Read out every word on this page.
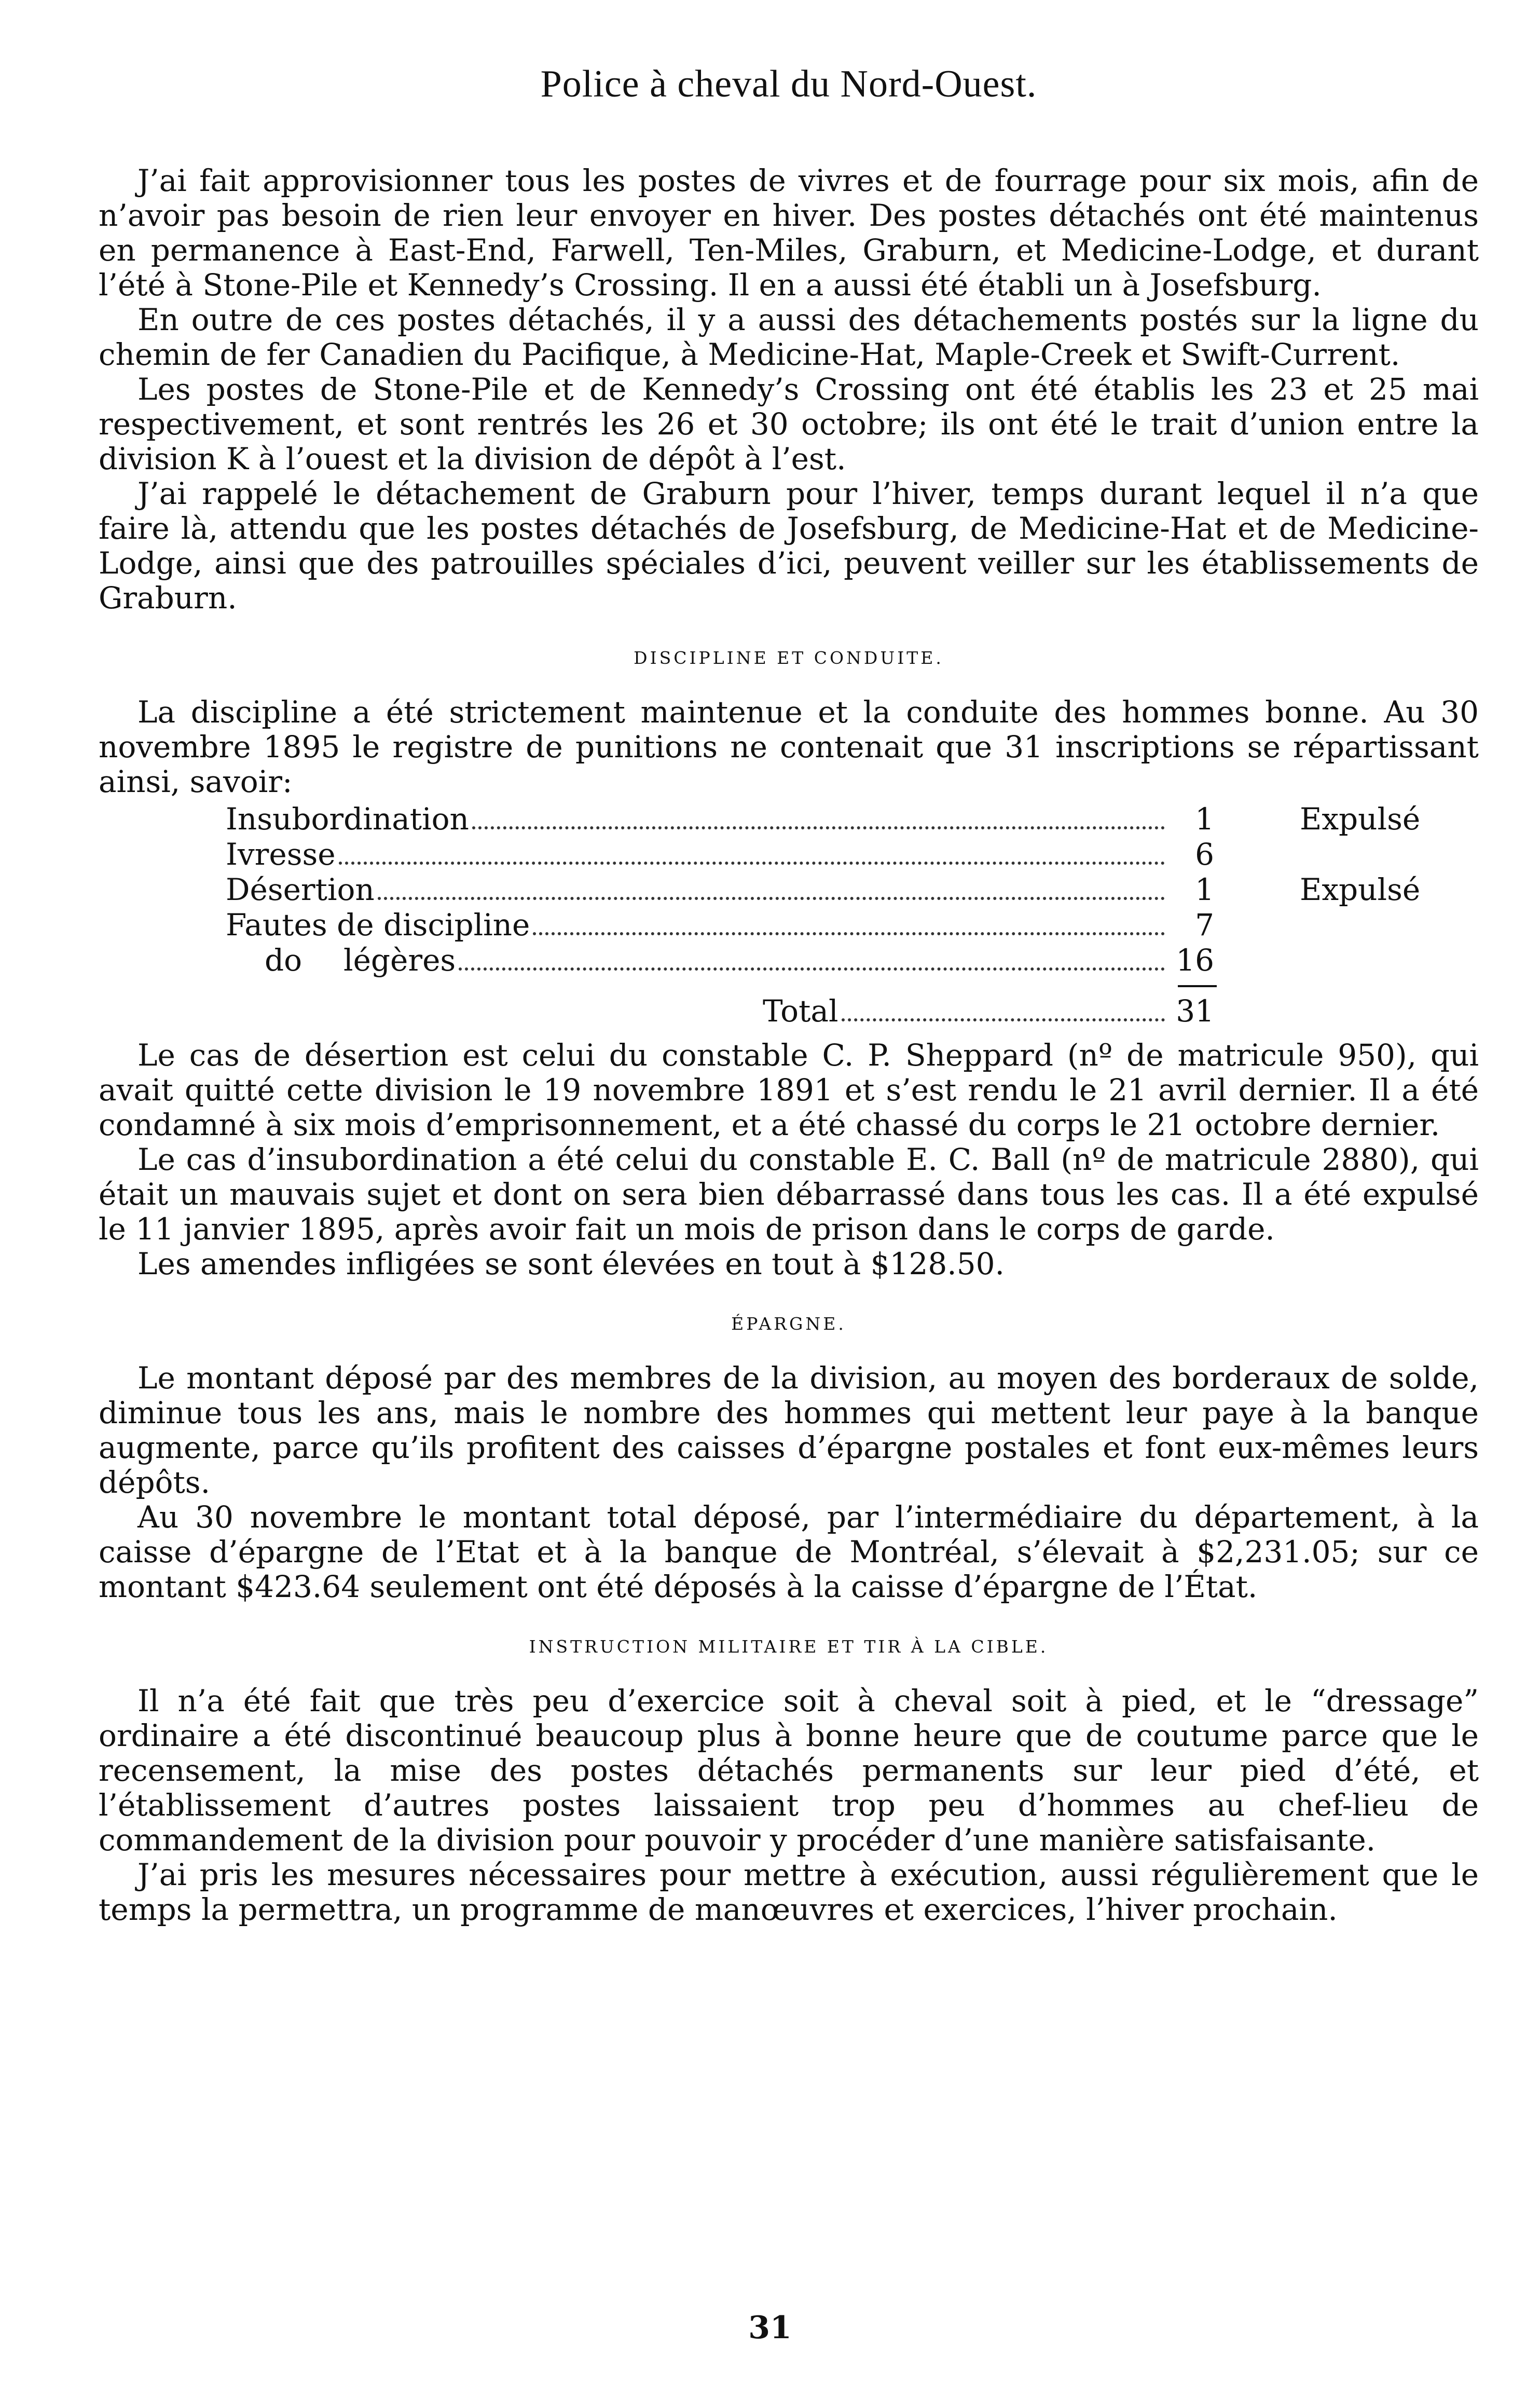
Police à cheval du Nord-Ouest.

J’ai fait approvisionner tous les postes de vivres et de fourrage pour six mois, afin de n’avoir pas besoin de rien leur envoyer en hiver. Des postes détachés ont été maintenus en permanence à East-End, Farwell, Ten-Miles, Graburn, et Medicine-Lodge, et durant l’été à Stone-Pile et Kennedy’s Crossing. Il en a aussi été établi un à Josefsburg.

En outre de ces postes détachés, il y a aussi des détachements postés sur la ligne du chemin de fer Canadien du Pacifique, à Medicine-Hat, Maple-Creek et Swift-Current.

Les postes de Stone-Pile et de Kennedy’s Crossing ont été établis les 23 et 25 mai respectivement, et sont rentrés les 26 et 30 octobre; ils ont été le trait d’union entre la division K à l’ouest et la division de dépôt à l’est.

J’ai rappelé le détachement de Graburn pour l’hiver, temps durant lequel il n’a que faire là, attendu que les postes détachés de Josefsburg, de Medicine-Hat et de Medicine-Lodge, ainsi que des patrouilles spéciales d’ici, peuvent veiller sur les établissements de Graburn.

DISCIPLINE ET CONDUITE.

La discipline a été strictement maintenue et la conduite des hommes bonne. Au 30 novembre 1895 le registre de punitions ne contenait que 31 inscriptions se répartissant ainsi, savoir:

Insubordination	1	Expulsé
Ivresse	6
Désertion	1	Expulsé
Fautes de discipline	7
do légères	16
Total	31

Le cas de désertion est celui du constable C. P. Sheppard (nº de matricule 950), qui avait quitté cette division le 19 novembre 1891 et s’est rendu le 21 avril dernier. Il a été condamné à six mois d’emprisonnement, et a été chassé du corps le 21 octobre dernier.

Le cas d’insubordination a été celui du constable E. C. Ball (nº de matricule 2880), qui était un mauvais sujet et dont on sera bien débarrassé dans tous les cas. Il a été expulsé le 11 janvier 1895, après avoir fait un mois de prison dans le corps de garde.

Les amendes infligées se sont élevées en tout à $128.50.

ÉPARGNE.

Le montant déposé par des membres de la division, au moyen des borderaux de solde, diminue tous les ans, mais le nombre des hommes qui mettent leur paye à la banque augmente, parce qu’ils profitent des caisses d’épargne postales et font eux-mêmes leurs dépôts.

Au 30 novembre le montant total déposé, par l’intermédiaire du département, à la caisse d’épargne de l’Etat et à la banque de Montréal, s’élevait à $2,231.05; sur ce montant $423.64 seulement ont été déposés à la caisse d’épargne de l’État.

INSTRUCTION MILITAIRE ET TIR À LA CIBLE.

Il n’a été fait que très peu d’exercice soit à cheval soit à pied, et le “dressage” ordinaire a été discontinué beaucoup plus à bonne heure que de coutume parce que le recensement, la mise des postes détachés permanents sur leur pied d’été, et l’établissement d’autres postes laissaient trop peu d’hommes au chef-lieu de commandement de la division pour pouvoir y procéder d’une manière satisfaisante.

J’ai pris les mesures nécessaires pour mettre à exécution, aussi régulièrement que le temps la permettra, un programme de manœuvres et exercices, l’hiver prochain.

31
